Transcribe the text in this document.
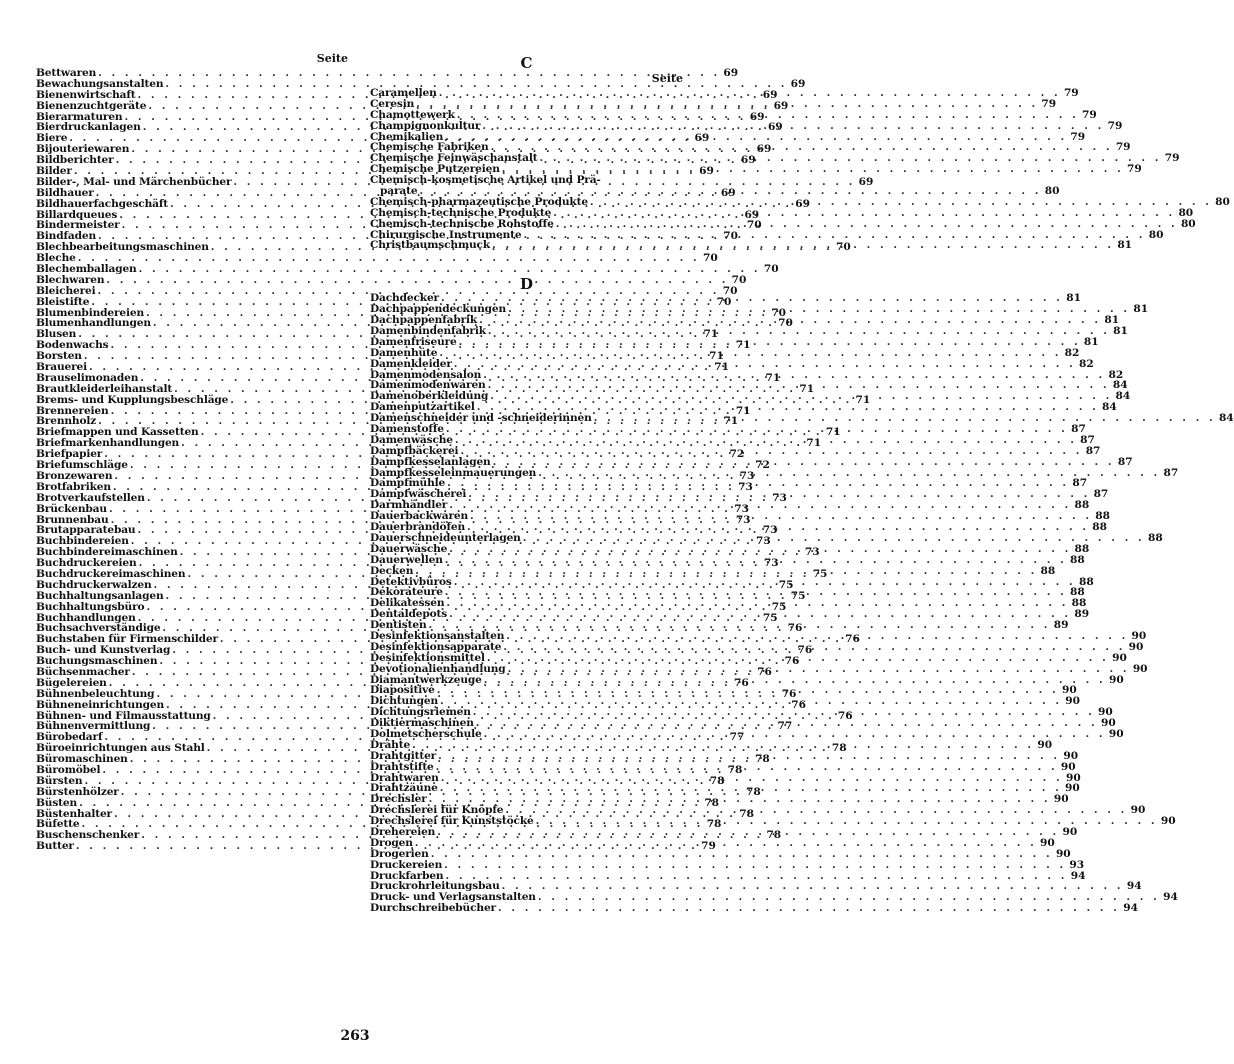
Seite
Bettwaren . . .	69
Bewachungsanstalten . . .	69
Bienenwirtschaft . . .	69
Bienenzuchtgeräte . . .	69
Bierarmaturen . . .	69
Bierdruckanlagen . . .	69
Biere . . .	69
Bijouteriewaren . . .	69
Bildberichter . . .	69
Bilder . . .	69
Bilder-, Mal- und Märchenbücher . . .	69
Bildhauer . . .	69
Bildhauerfachgeschäft . . .	69
Billardqueues . . .	69
Bindermeister . . .	70
Bindfaden . . .	70
Blechbearbeitungsmaschinen . . .	70
Bleche . . .	70
Blechemballagen . . .	70
Blechwaren . . .	70
Bleicherei . . .	70
Bleistifte . . .	70
Blumenbindereien . . .	70
Blumenhandlungen . . .	70
Blusen . . .	71
Bodenwachs . . .	71
Borsten . . .	71
Brauerei . . .	71
Brauselimonaden . . .	71
Brautkleiderleihanstalt . . .	71
Brems- und Kupplungsbeschläge . . .	71
Brennereien . . .	71
Brennholz . . .	71
Briefmappen und Kassetten . . .	71
Briefmarkenhandlungen . . .	71
Briefpapier . . .	72
Briefumschläge . . .	72
Bronzewaren . . .	73
Brotfabriken . . .	73
Brotverkaufstellen . . .	73
Brückenbau . . .	73
Brunnenbau . . .	73
Brutapparatebau . . .	73
Buchbindereien . . .	73
Buchbindereimaschinen . . .	73
Buchdruckereien . . .	73
Buchdruckereimaschinen . . .	75
Buchdruckerwalzen . . .	75
Buchhaltungsanlagen . . .	75
Buchhaltungsbüro . . .	75
Buchhandlungen . . .	75
Buchsachverständige . . .	76
Buchstaben für Firmenschilder . . .	76
Buch- und Kunstverlag . . .	76
Buchungsmaschinen . . .	76
Büchsenmacher . . .	76
Bügelereien . . .	76
Bühnenbeleuchtung . . .	76
Bühneneinrichtungen . . .	76
Bühnen- und Filmausstattung . . .	76
Bühnenvermittlung . . .	77
Bürobedarf . . .	77
Büroeinrichtungen aus Stahl . . .	78
Büromaschinen . . .	78
Büromöbel . . .	78
Bürsten . . .	78
Bürstenhölzer . . .	78
Büsten . . .	78
Büstenhalter . . .	78
Büfette . . .	78
Buschenschenker . . .	78
Butter . . .	79
C
Seite
Caramellen . . .	79
Ceresin . . .	79
Chamottewerk . . .	79
Champignonkultur . . .	79
Chemikalien . . .	79
Chemische Fabriken . . .	79
Chemische Feinwäschanstalt . . .	79
Chemische Putzereien . . .	79
Chemisch-kosmetische Artikel und Prä-
parate . . .	80
Chemisch-pharmazeutische Produkte . . .	80
Chemisch-technische Produkte . . .	80
Chemisch-technische Rohstoffe . . .	80
Chirurgische Instrumente . . .	80
Christbaumschmuck . . .	81
D
Dachdecker . . .	81
Dachpappendeckungen . . .	81
Dachpappenfabrik . . .	81
Damenbindenfabrik . . .	81
Damenfriseure . . .	81
Damenhüte . . .	82
Damenkleider . . .	82
Damenmodensalon . . .	82
Damenmodenwaren . . .	84
Damenoberkleidung . . .	84
Damenputzartikel . . .	84
Damenschneider und -schneiderinnen . . .	84
Damenstoffe . . .	87
Damenwäsche . . .	87
Dampfbäckerei . . .	87
Dampfkesselanlagen . . .	87
Dampfkesseleinmauerungen . . .	87
Dampfmühle . . .	87
Dampfwäscherei . . .	87
Darmhändler . . .	88
Dauerbackwaren . . .	88
Dauerbrandöfen . . .	88
Dauerschneideunterlagen . . .	88
Dauerwäsche . . .	88
Dauerwellen . . .	88
Decken . . .	88
Detektivbüros . . .	88
Dekorateure . . .	88
Delikatessen . . .	88
Dentaldepots . . .	89
Dentisten . . .	89
Desinfektionsanstalten . . .	90
Desinfektionsapparate . . .	90
Desinfektionsmittel . . .	90
Devotionalienhandlung . . .	90
Diamantwerkzeuge . . .	90
Diapositive . . .	90
Dichtungen . . .	90
Dichtungsriemen . . .	90
Diktiermaschinen . . .	90
Dolmetscherschule . . .	90
Drähte . . .	90
Drahtgitter . . .	90
Drahtstifte . . .	90
Drahtwaren . . .	90
Drahtzäune . . .	90
Drechsler . . .	90
Drechslerei für Knöpfe . . .	90
Drechslerei für Kunststöcke . . .	90
Drehereien . . .	90
Drogen . . .	90
Drogerien . . .	90
Druckereien . . .	93
Druckfarben . . .	94
Druckrohrleitungsbau . . .	94
Druck- und Verlagsanstalten . . .	94
Durchschreibebücher . . .	94
263
